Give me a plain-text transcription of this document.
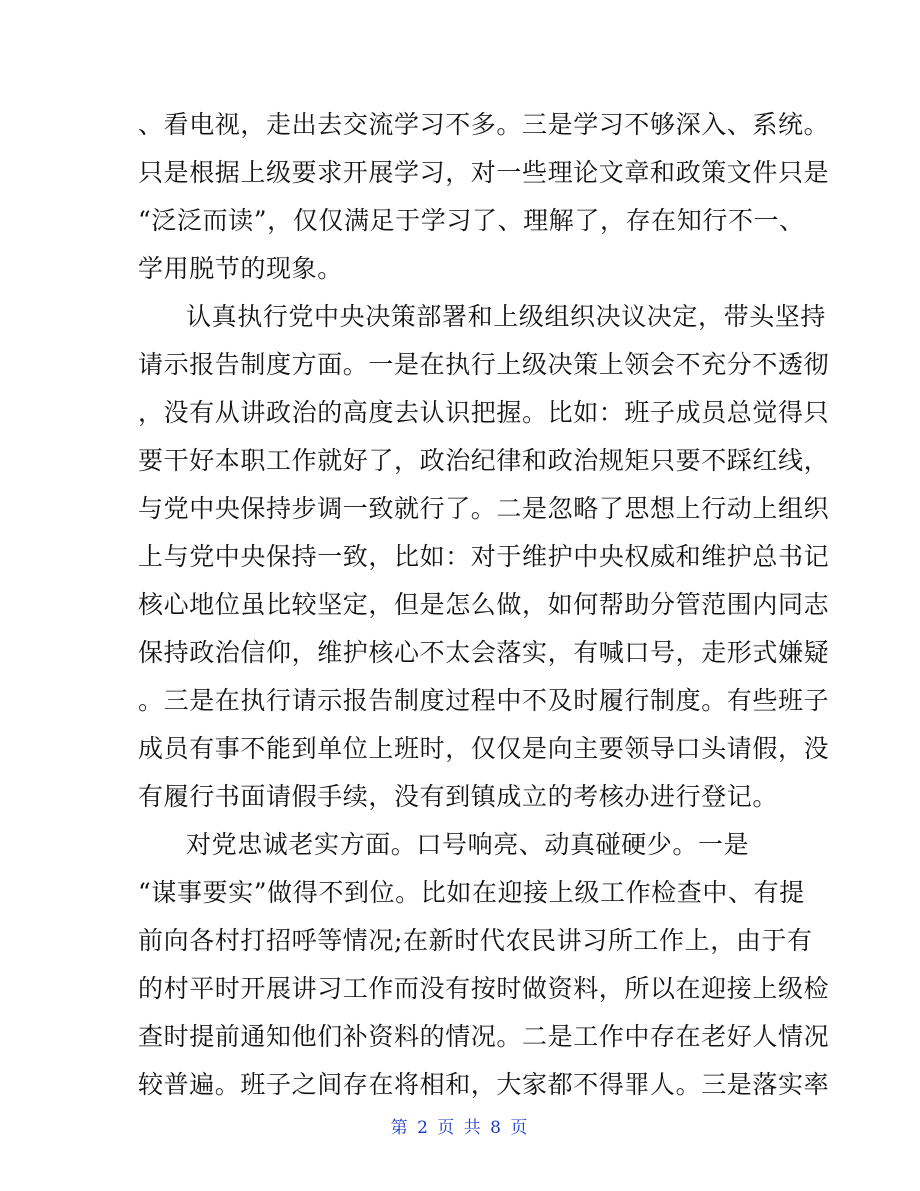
、看电视，走出去交流学习不多。三是学习不够深入、系统。
只是根据上级要求开展学习，对一些理论文章和政策文件只是
“泛泛而读”，仅仅满足于学习了、理解了，存在知行不一、
学用脱节的现象。
认真执行党中央决策部署和上级组织决议决定，带头坚持
请示报告制度方面。一是在执行上级决策上领会不充分不透彻
，没有从讲政治的高度去认识把握。比如：班子成员总觉得只
要干好本职工作就好了，政治纪律和政治规矩只要不踩红线，
与党中央保持步调一致就行了。二是忽略了思想上行动上组织
上与党中央保持一致，比如：对于维护中央权威和维护总书记
核心地位虽比较坚定，但是怎么做，如何帮助分管范围内同志
保持政治信仰，维护核心不太会落实，有喊口号，走形式嫌疑
。三是在执行请示报告制度过程中不及时履行制度。有些班子
成员有事不能到单位上班时，仅仅是向主要领导口头请假，没
有履行书面请假手续，没有到镇成立的考核办进行登记。
对党忠诚老实方面。口号响亮、动真碰硬少。一是
“谋事要实”做得不到位。比如在迎接上级工作检查中、有提
前向各村打招呼等情况;在新时代农民讲习所工作上，由于有
的村平时开展讲习工作而没有按时做资料，所以在迎接上级检
查时提前通知他们补资料的情况。二是工作中存在老好人情况
较普遍。班子之间存在将相和，大家都不得罪人。三是落实率
第 2 页 共 8 页
